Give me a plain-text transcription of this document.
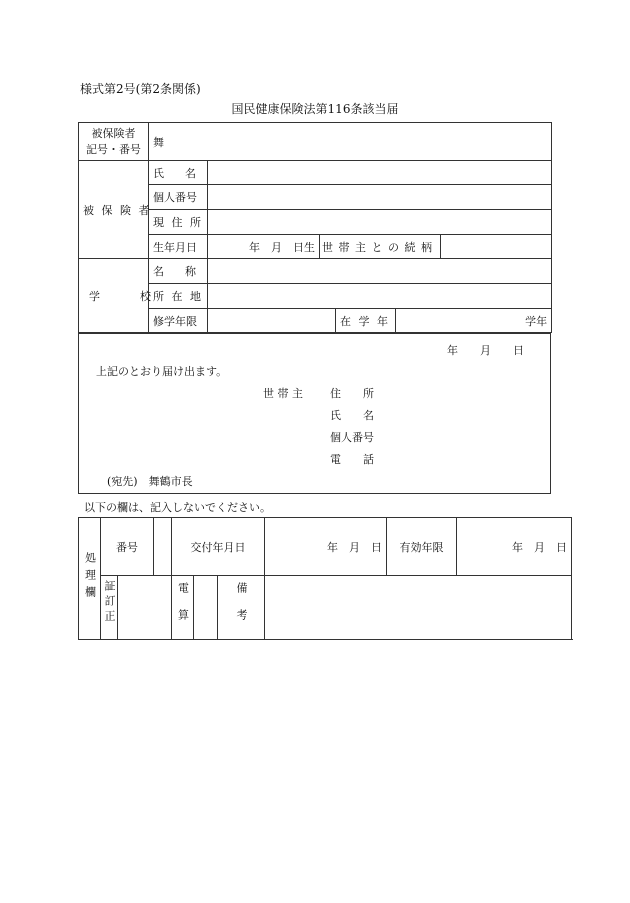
様式第2号(第2条関係)
国民健康保険法第116条該当届
被保険者
記号・番号	舞					
被 保 険 者	氏　名					
	個人番号					
	現 住 所					
	生年月日	年　月　日生	世 帯 主 と の 続 柄			
学　　校	名　称					
	所 在 地					
	修学年限			在 学 年	学年	
年　　月　　日
上記のとおり届け出ます。
世 帯 主 住　　所
氏　　名
個人番号
電　　話
(宛先)　舞鶴市長
以下の欄は、記入しないでください。
処理欄	番号			交付年月日			年　月　日	有効年限	年　月　日
	証訂正			電算		備考			
